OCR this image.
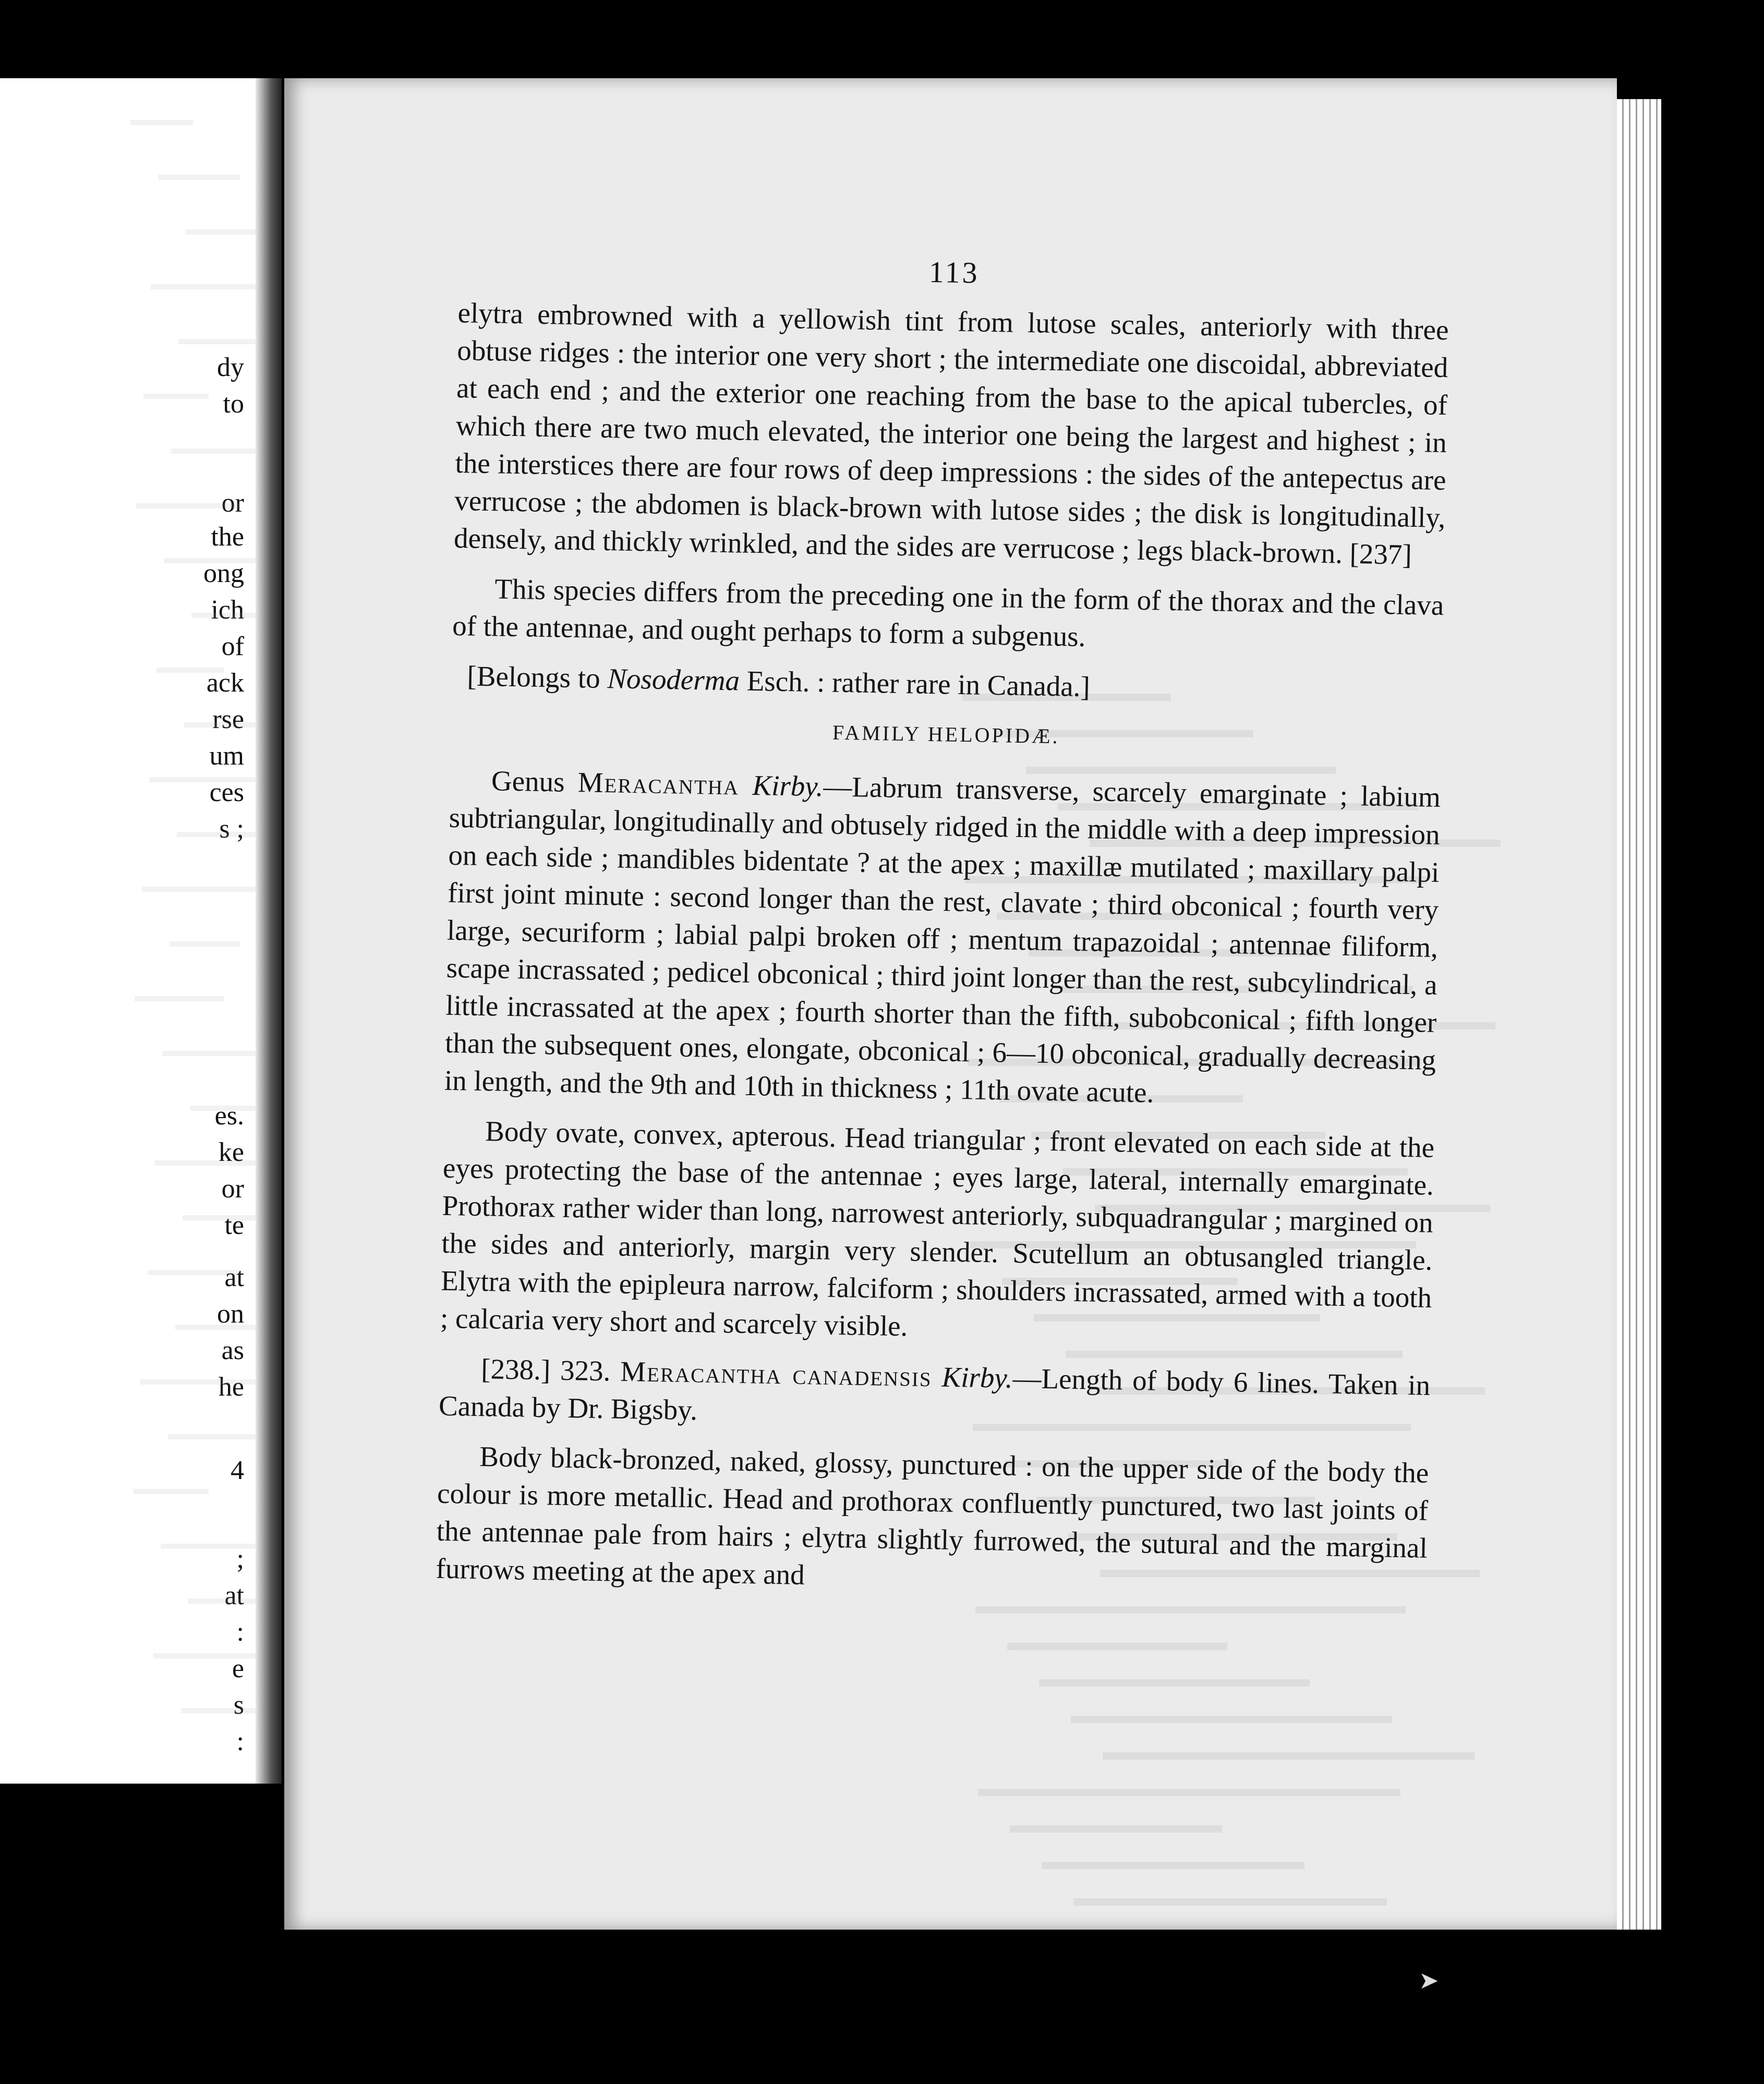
dy
to
or
the
ong
ich
of
ack
rse
um
ces
s ;
es.
ke
or
te
at
on
as
he
4
;
at
:
e
s
:
113

elytra embrowned with a yellowish tint from lutose scales, anteriorly with three obtuse ridges : the interior one very short ; the intermediate one discoidal, abbreviated at each end ; and the exterior one reaching from the base to the apical tubercles, of which there are two much elevated, the interior one being the largest and highest ; in the interstices there are four rows of deep impressions : the sides of the antepectus are verrucose ; the abdomen is black-brown with lutose sides ; the disk is longitudinally, densely, and thickly wrinkled, and the sides are verrucose ; legs black-brown. [237]

This species differs from the preceding one in the form of the thorax and the clava of the antennae, and ought perhaps to form a subgenus.

[Belongs to Nosoderma Esch. : rather rare in Canada.]

FAMILY HELOPIDÆ.

Genus Meracantha Kirby.—Labrum transverse, scarcely emarginate ; labium subtriangular, longitudinally and obtusely ridged in the middle with a deep impression on each side ; mandibles bidentate ? at the apex ; maxillæ mutilated ; maxillary palpi first joint minute : second longer than the rest, clavate ; third obconical ; fourth very large, securiform ; labial palpi broken off ; mentum trapazoidal ; antennae filiform, scape incrassated ; pedicel obconical ; third joint longer than the rest, subcylindrical, a little incrassated at the apex ; fourth shorter than the fifth, subobconical ; fifth longer than the subsequent ones, elongate, obconical ; 6—10 obconical, gradually decreasing in length, and the 9th and 10th in thickness ; 11th ovate acute.

Body ovate, convex, apterous. Head triangular ; front elevated on each side at the eyes protecting the base of the antennae ; eyes large, lateral, internally emarginate. Prothorax rather wider than long, narrowest anteriorly, subquadrangular ; margined on the sides and anteriorly, margin very slender. Scutellum an obtusangled triangle. Elytra with the epipleura narrow, falciform ; shoulders incrassated, armed with a tooth ; calcaria very short and scarcely visible.

[238.] 323. Meracantha canadensis Kirby.—Length of body 6 lines. Taken in Canada by Dr. Bigsby.

Body black-bronzed, naked, glossy, punctured : on the upper side of the body the colour is more metallic. Head and prothorax confluently punctured, two last joints of the antennae pale from hairs ; elytra slightly furrowed, the sutural and the marginal furrows meeting at the apex and

➤
